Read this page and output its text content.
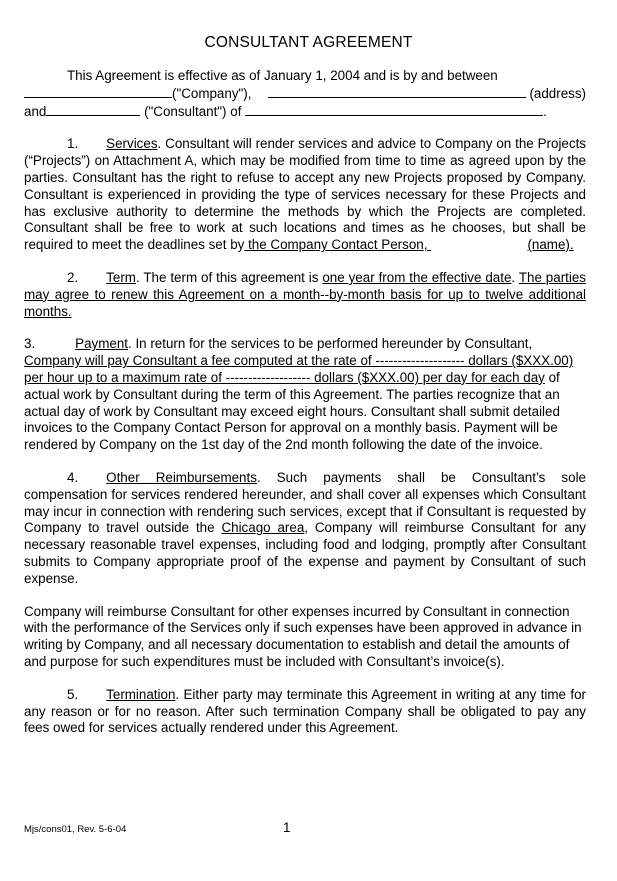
CONSULTANT AGREEMENT

This Agreement is effective as of January 1, 2004 and is by and between

("Company"),	(address)
and	("Consultant") of	.

1. Services. Consultant will render services and advice to Company on the Projects (“Projects”) on Attachment A, which may be modified from time to time as agreed upon by the parties. Consultant has the right to refuse to accept any new Projects proposed by Company. Consultant is experienced in providing the type of services necessary for these Projects and has exclusive authority to determine the methods by which the Projects are completed. Consultant shall be free to work at such locations and times as he chooses, but shall be required to meet the deadlines set by the Company Contact Person,	(name).

2. Term. The term of this agreement is one year from the effective date. The parties may agree to renew this Agreement on a month--by-month basis for up to twelve additional months.

3.	Payment. In return for the services to be performed hereunder by Consultant, Company will pay Consultant a fee computed at the rate of -------------------- dollars ($XXX.00) per hour up to a maximum rate of ------------------- dollars ($XXX.00) per day for each day of actual work by Consultant during the term of this Agreement. The parties recognize that an actual day of work by Consultant may exceed eight hours. Consultant shall submit detailed invoices to the Company Contact Person for approval on a monthly basis. Payment will be rendered by Company on the 1st day of the 2nd month following the date of the invoice.

4. Other Reimbursements. Such payments shall be Consultant’s sole compensation for services rendered hereunder, and shall cover all expenses which Consultant may incur in connection with rendering such services, except that if Consultant is requested by Company to travel outside the Chicago area, Company will reimburse Consultant for any necessary reasonable travel expenses, including food and lodging, promptly after Consultant submits to Company appropriate proof of the expense and payment by Consultant of such expense.

Company will reimburse Consultant for other expenses incurred by Consultant in connection with the performance of the Services only if such expenses have been approved in advance in writing by Company, and all necessary documentation to establish and detail the amounts of and purpose for such expenditures must be included with Consultant’s invoice(s).

5. Termination. Either party may terminate this Agreement in writing at any time for any reason or for no reason. After such termination Company shall be obligated to pay any fees owed for services actually rendered under this Agreement.

Mjs/cons01, Rev. 5-6-04	1
